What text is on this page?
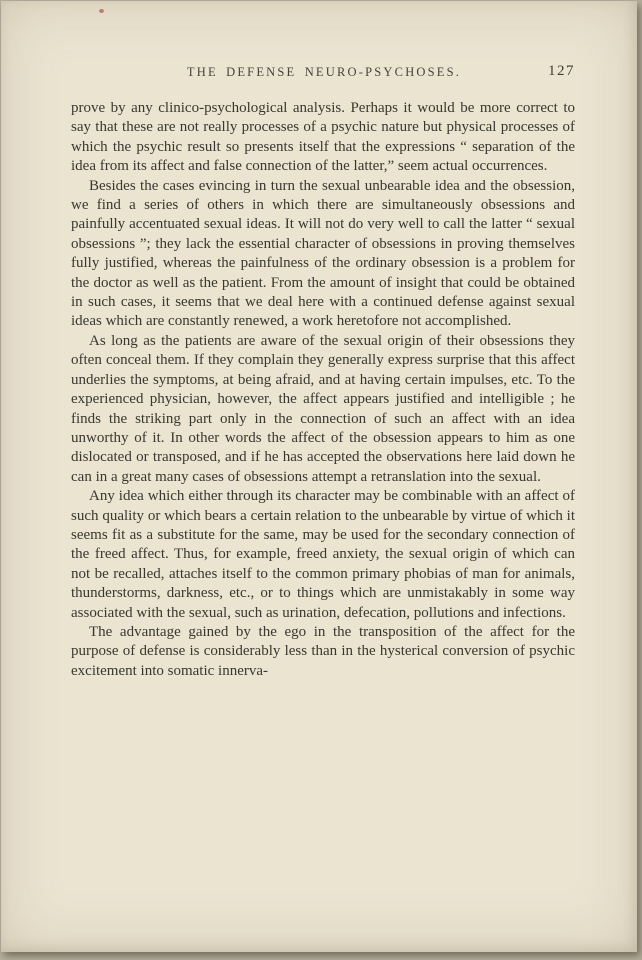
THE DEFENSE NEURO-PSYCHOSES.	127

prove by any clinico-psychological analysis. Perhaps it would be more correct to say that these are not really processes of a psychic nature but physical processes of which the psychic result so presents itself that the expressions “ separation of the idea from its affect and false connection of the latter,” seem actual occurrences.

Besides the cases evincing in turn the sexual unbearable idea and the obsession, we find a series of others in which there are simultaneously obsessions and painfully accentuated sexual ideas. It will not do very well to call the latter “ sexual obsessions ”; they lack the essential character of obsessions in proving themselves fully justified, whereas the painfulness of the ordinary obsession is a problem for the doctor as well as the patient. From the amount of insight that could be obtained in such cases, it seems that we deal here with a continued defense against sexual ideas which are constantly renewed, a work heretofore not accomplished.

As long as the patients are aware of the sexual origin of their obsessions they often conceal them. If they complain they generally express surprise that this affect underlies the symptoms, at being afraid, and at having certain impulses, etc. To the experienced physician, however, the affect appears justified and intelligible ; he finds the striking part only in the connection of such an affect with an idea unworthy of it. In other words the affect of the obsession appears to him as one dislocated or transposed, and if he has accepted the observations here laid down he can in a great many cases of obsessions attempt a retranslation into the sexual.

Any idea which either through its character may be combinable with an affect of such quality or which bears a certain relation to the unbearable by virtue of which it seems fit as a substitute for the same, may be used for the secondary connection of the freed affect. Thus, for example, freed anxiety, the sexual origin of which can not be recalled, attaches itself to the common primary phobias of man for animals, thunderstorms, darkness, etc., or to things which are unmistakably in some way associated with the sexual, such as urination, defecation, pollutions and infections.

The advantage gained by the ego in the transposition of the affect for the purpose of defense is considerably less than in the hysterical conversion of psychic excitement into somatic innerva-
